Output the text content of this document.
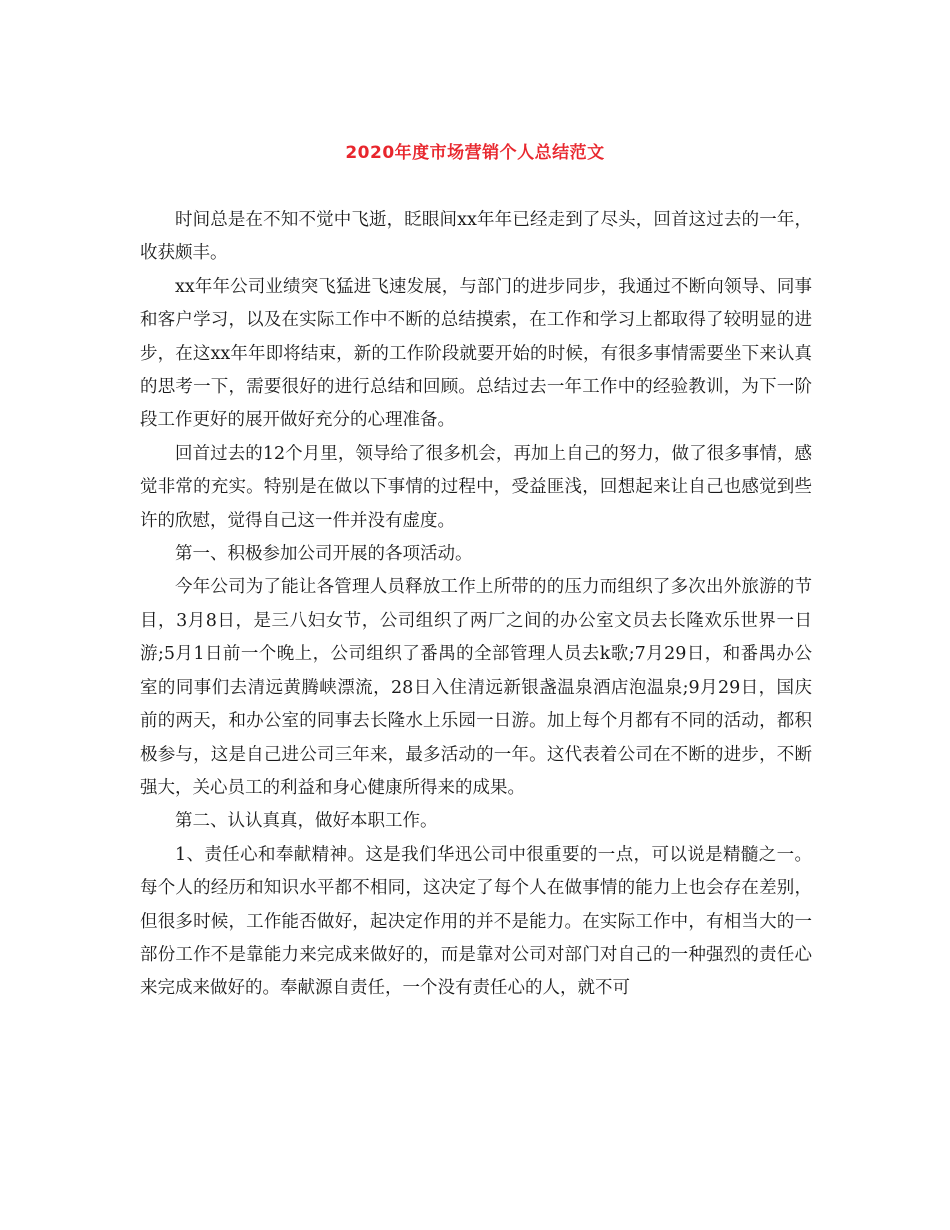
2020年度市场营销个人总结范文

时间总是在不知不觉中飞逝，眨眼间xx年年已经走到了尽头，回首这过去的一年，收获颇丰。

xx年年公司业绩突飞猛进飞速发展，与部门的进步同步，我通过不断向领导、同事和客户学习，以及在实际工作中不断的总结摸索，在工作和学习上都取得了较明显的进步，在这xx年年即将结束，新的工作阶段就要开始的时候，有很多事情需要坐下来认真的思考一下，需要很好的进行总结和回顾。总结过去一年工作中的经验教训，为下一阶段工作更好的展开做好充分的心理准备。

回首过去的12个月里，领导给了很多机会，再加上自己的努力，做了很多事情，感觉非常的充实。特别是在做以下事情的过程中，受益匪浅，回想起来让自己也感觉到些许的欣慰，觉得自己这一件并没有虚度。

第一、积极参加公司开展的各项活动。

今年公司为了能让各管理人员释放工作上所带的的压力而组织了多次出外旅游的节目，3月8日，是三八妇女节，公司组织了两厂之间的办公室文员去长隆欢乐世界一日游;5月1日前一个晚上，公司组织了番禺的全部管理人员去k歌;7月29日，和番禺办公室的同事们去清远黄腾峡漂流，28日入住清远新银盏温泉酒店泡温泉;9月29日，国庆前的两天，和办公室的同事去长隆水上乐园一日游。加上每个月都有不同的活动，都积极参与，这是自己进公司三年来，最多活动的一年。这代表着公司在不断的进步，不断强大，关心员工的利益和身心健康所得来的成果。

第二、认认真真，做好本职工作。

1、责任心和奉献精神。这是我们华迅公司中很重要的一点，可以说是精髓之一。每个人的经历和知识水平都不相同，这决定了每个人在做事情的能力上也会存在差别，但很多时候，工作能否做好，起决定作用的并不是能力。在实际工作中，有相当大的一部份工作不是靠能力来完成来做好的，而是靠对公司对部门对自己的一种强烈的责任心来完成来做好的。奉献源自责任，一个没有责任心的人，就不可
